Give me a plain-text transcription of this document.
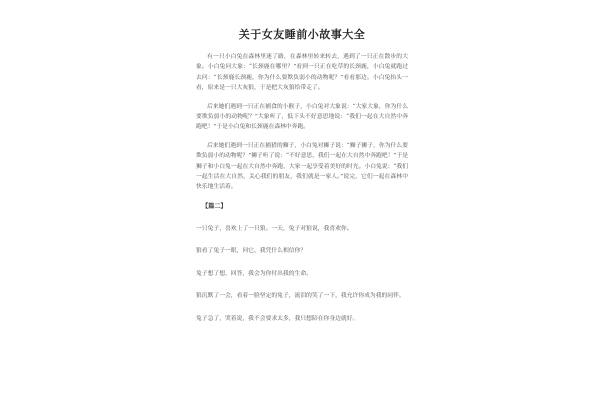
关于女友睡前小故事大全

有一只小白兔在森林里迷了路，在森林里转来转去，遇到了一只正在散步的大象。小白兔问大象：“长颈鹿在哪里？”看到一只正在吃草的长颈鹿，小白兔就跑过去问：“长颈鹿长颈鹿，你为什么要欺负弱小的动物呢？”看看那边。小白兔抬头一看，原来是一只大灰狼，于是把大灰狼给带走了。

后来她们遇到一只正在捕食的小猴子，小白兔对大象说：“大家大象，你为什么要欺负弱小的动物呢？”大象听了，低下头不好意思地说：“我们一起在大自然中奔跑吧！”于是小白兔和长颈鹿在森林中奔跑。

后来她们遇到一只正在捕猎的狮子，小白兔对狮子说：“狮子狮子，你为什么要欺负弱小的动物呢？”狮子听了说：“不好意思，我们一起在大自然中奔跑吧！”于是狮子和小白兔一起在大自然中奔跑，大家一起享受着美好的时光。小白兔说：“我们一起生活在大自然，关心我们的朋友，我们就是一家人。”说完，它们一起在森林中快乐地生活着。

【篇二】

一只兔子，喜欢上了一只狼。一天，兔子对狼说，我喜欢你。

狼看了兔子一眼，问它，我凭什么相信你？

兔子想了想，回答，我会为你付出我的生命。

狼沉默了一会，看着一脸坚定的兔子，流泪的笑了一下，我允许你成为我的同伴。

兔子急了，哭着说，我不会要求太多，我只想陪在你身边就好。
